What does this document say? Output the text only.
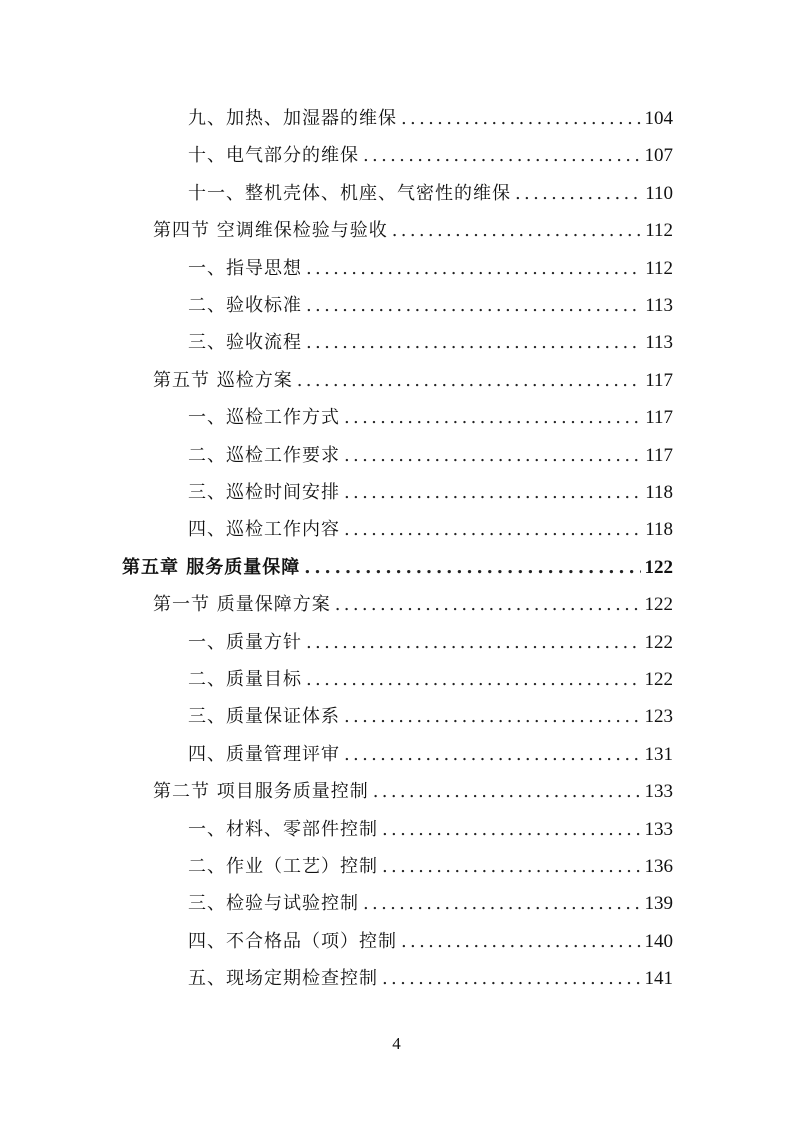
九、加热、加湿器的维保 . . .	104
十、电气部分的维保 . . .	107
十一、整机壳体、机座、气密性的维保 . . .	110
第四节 空调维保检验与验收 . . .	112
一、指导思想 . . .	112
二、验收标准 . . .	113
三、验收流程 . . .	113
第五节 巡检方案 . . .	117
一、巡检工作方式 . . .	117
二、巡检工作要求 . . .	117
三、巡检时间安排 . . .	118
四、巡检工作内容 . . .	118
第五章 服务质量保障 . . .	122
第一节 质量保障方案 . . .	122
一、质量方针 . . .	122
二、质量目标 . . .	122
三、质量保证体系 . . .	123
四、质量管理评审 . . .	131
第二节 项目服务质量控制 . . .	133
一、材料、零部件控制 . . .	133
二、作业（工艺）控制 . . .	136
三、检验与试验控制 . . .	139
四、不合格品（项）控制 . . .	140
五、现场定期检查控制 . . .	141
4
